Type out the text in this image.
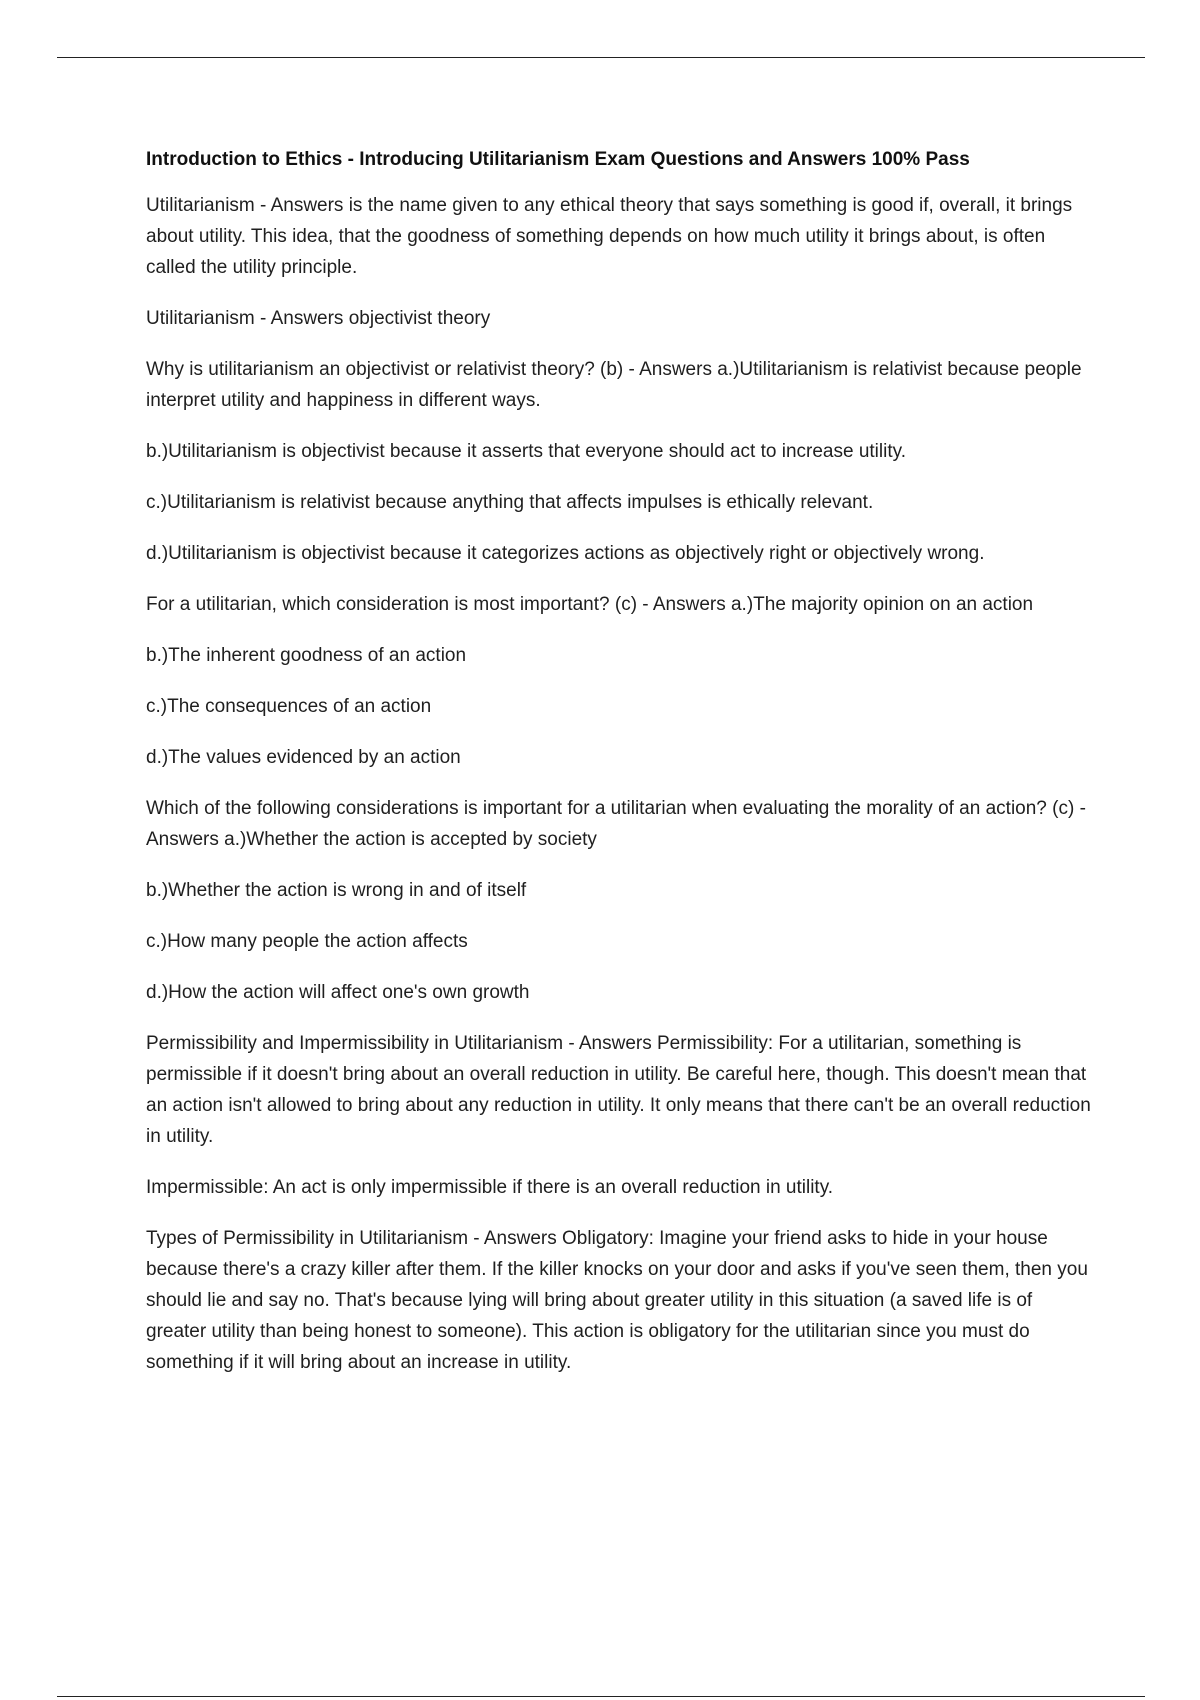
Introduction to Ethics - Introducing Utilitarianism Exam Questions and Answers 100% Pass

Utilitarianism - Answers is the name given to any ethical theory that says something is good if, overall, it brings about utility. This idea, that the goodness of something depends on how much utility it brings about, is often called the utility principle.

Utilitarianism - Answers objectivist theory

Why is utilitarianism an objectivist or relativist theory? (b) - Answers a.)Utilitarianism is relativist because people interpret utility and happiness in different ways.

b.)Utilitarianism is objectivist because it asserts that everyone should act to increase utility.

c.)Utilitarianism is relativist because anything that affects impulses is ethically relevant.

d.)Utilitarianism is objectivist because it categorizes actions as objectively right or objectively wrong.

For a utilitarian, which consideration is most important? (c) - Answers a.)The majority opinion on an action

b.)The inherent goodness of an action

c.)The consequences of an action

d.)The values evidenced by an action

Which of the following considerations is important for a utilitarian when evaluating the morality of an action? (c) - Answers a.)Whether the action is accepted by society

b.)Whether the action is wrong in and of itself

c.)How many people the action affects

d.)How the action will affect one's own growth

Permissibility and Impermissibility in Utilitarianism - Answers Permissibility: For a utilitarian, something is permissible if it doesn't bring about an overall reduction in utility. Be careful here, though. This doesn't mean that an action isn't allowed to bring about any reduction in utility. It only means that there can't be an overall reduction in utility.

Impermissible: An act is only impermissible if there is an overall reduction in utility.

Types of Permissibility in Utilitarianism - Answers Obligatory: Imagine your friend asks to hide in your house because there's a crazy killer after them. If the killer knocks on your door and asks if you've seen them, then you should lie and say no. That's because lying will bring about greater utility in this situation (a saved life is of greater utility than being honest to someone). This action is obligatory for the utilitarian since you must do something if it will bring about an increase in utility.
